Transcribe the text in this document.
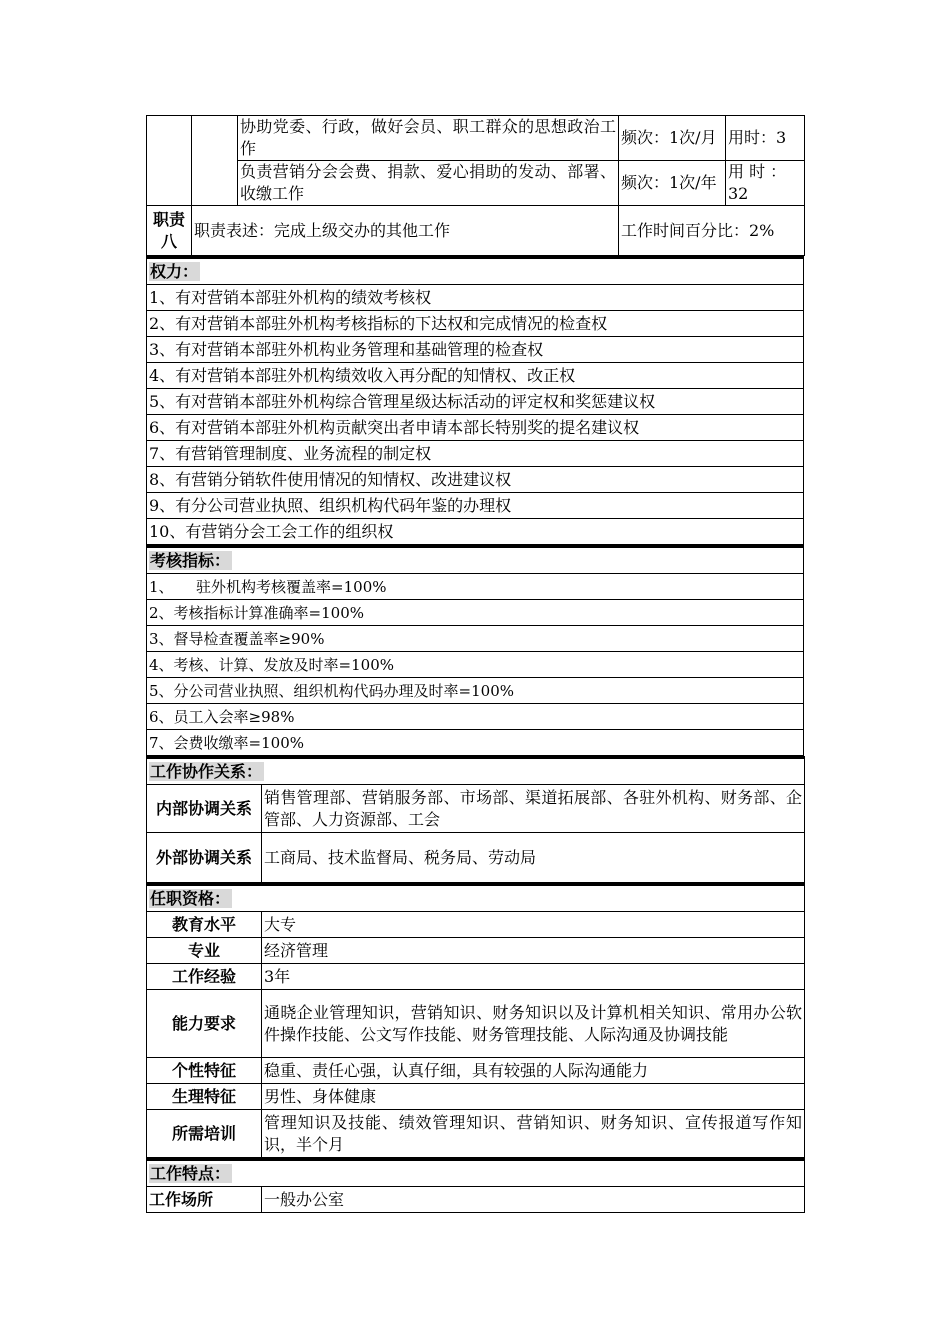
		协助党委、行政，做好会员、职工群众的思想政治工作	频次：1次/月	用时：3
		负责营销分会会费、捐款、爱心捐助的发动、部署、收缴工作	频次：1次/年	用 时 ：32
职责八	职责表述：完成上级交办的其他工作		工作时间百分比：2%	
权力：
1、有对营销本部驻外机构的绩效考核权
2、有对营销本部驻外机构考核指标的下达权和完成情况的检查权
3、有对营销本部驻外机构业务管理和基础管理的检查权
4、有对营销本部驻外机构绩效收入再分配的知情权、改正权
5、有对营销本部驻外机构综合管理星级达标活动的评定权和奖惩建议权
6、有对营销本部驻外机构贡献突出者申请本部长特别奖的提名建议权
7、有营销管理制度、业务流程的制定权
8、有营销分销软件使用情况的知情权、改进建议权
9、有分公司营业执照、组织机构代码年鉴的办理权
10、有营销分会工会工作的组织权
考核指标：
1、　　驻外机构考核覆盖率=100%
2、考核指标计算准确率=100%
3、督导检查覆盖率≥90%
4、考核、计算、发放及时率=100%
5、分公司营业执照、组织机构代码办理及时率=100%
6、员工入会率≥98%
7、会费收缴率=100%
工作协作关系：	
内部协调关系	销售管理部、营销服务部、市场部、渠道拓展部、各驻外机构、财务部、企管部、人力资源部、工会
外部协调关系	工商局、技术监督局、税务局、劳动局
任职资格：	
教育水平	大专
专业	经济管理
工作经验	3年
能力要求	通晓企业管理知识，营销知识、财务知识以及计算机相关知识、常用办公软件操作技能、公文写作技能、财务管理技能、人际沟通及协调技能
个性特征	稳重、责任心强，认真仔细，具有较强的人际沟通能力
生理特征	男性、身体健康
所需培训	管理知识及技能、绩效管理知识、营销知识、财务知识、宣传报道写作知识，半个月
工作特点：
工作场所	一般办公室
